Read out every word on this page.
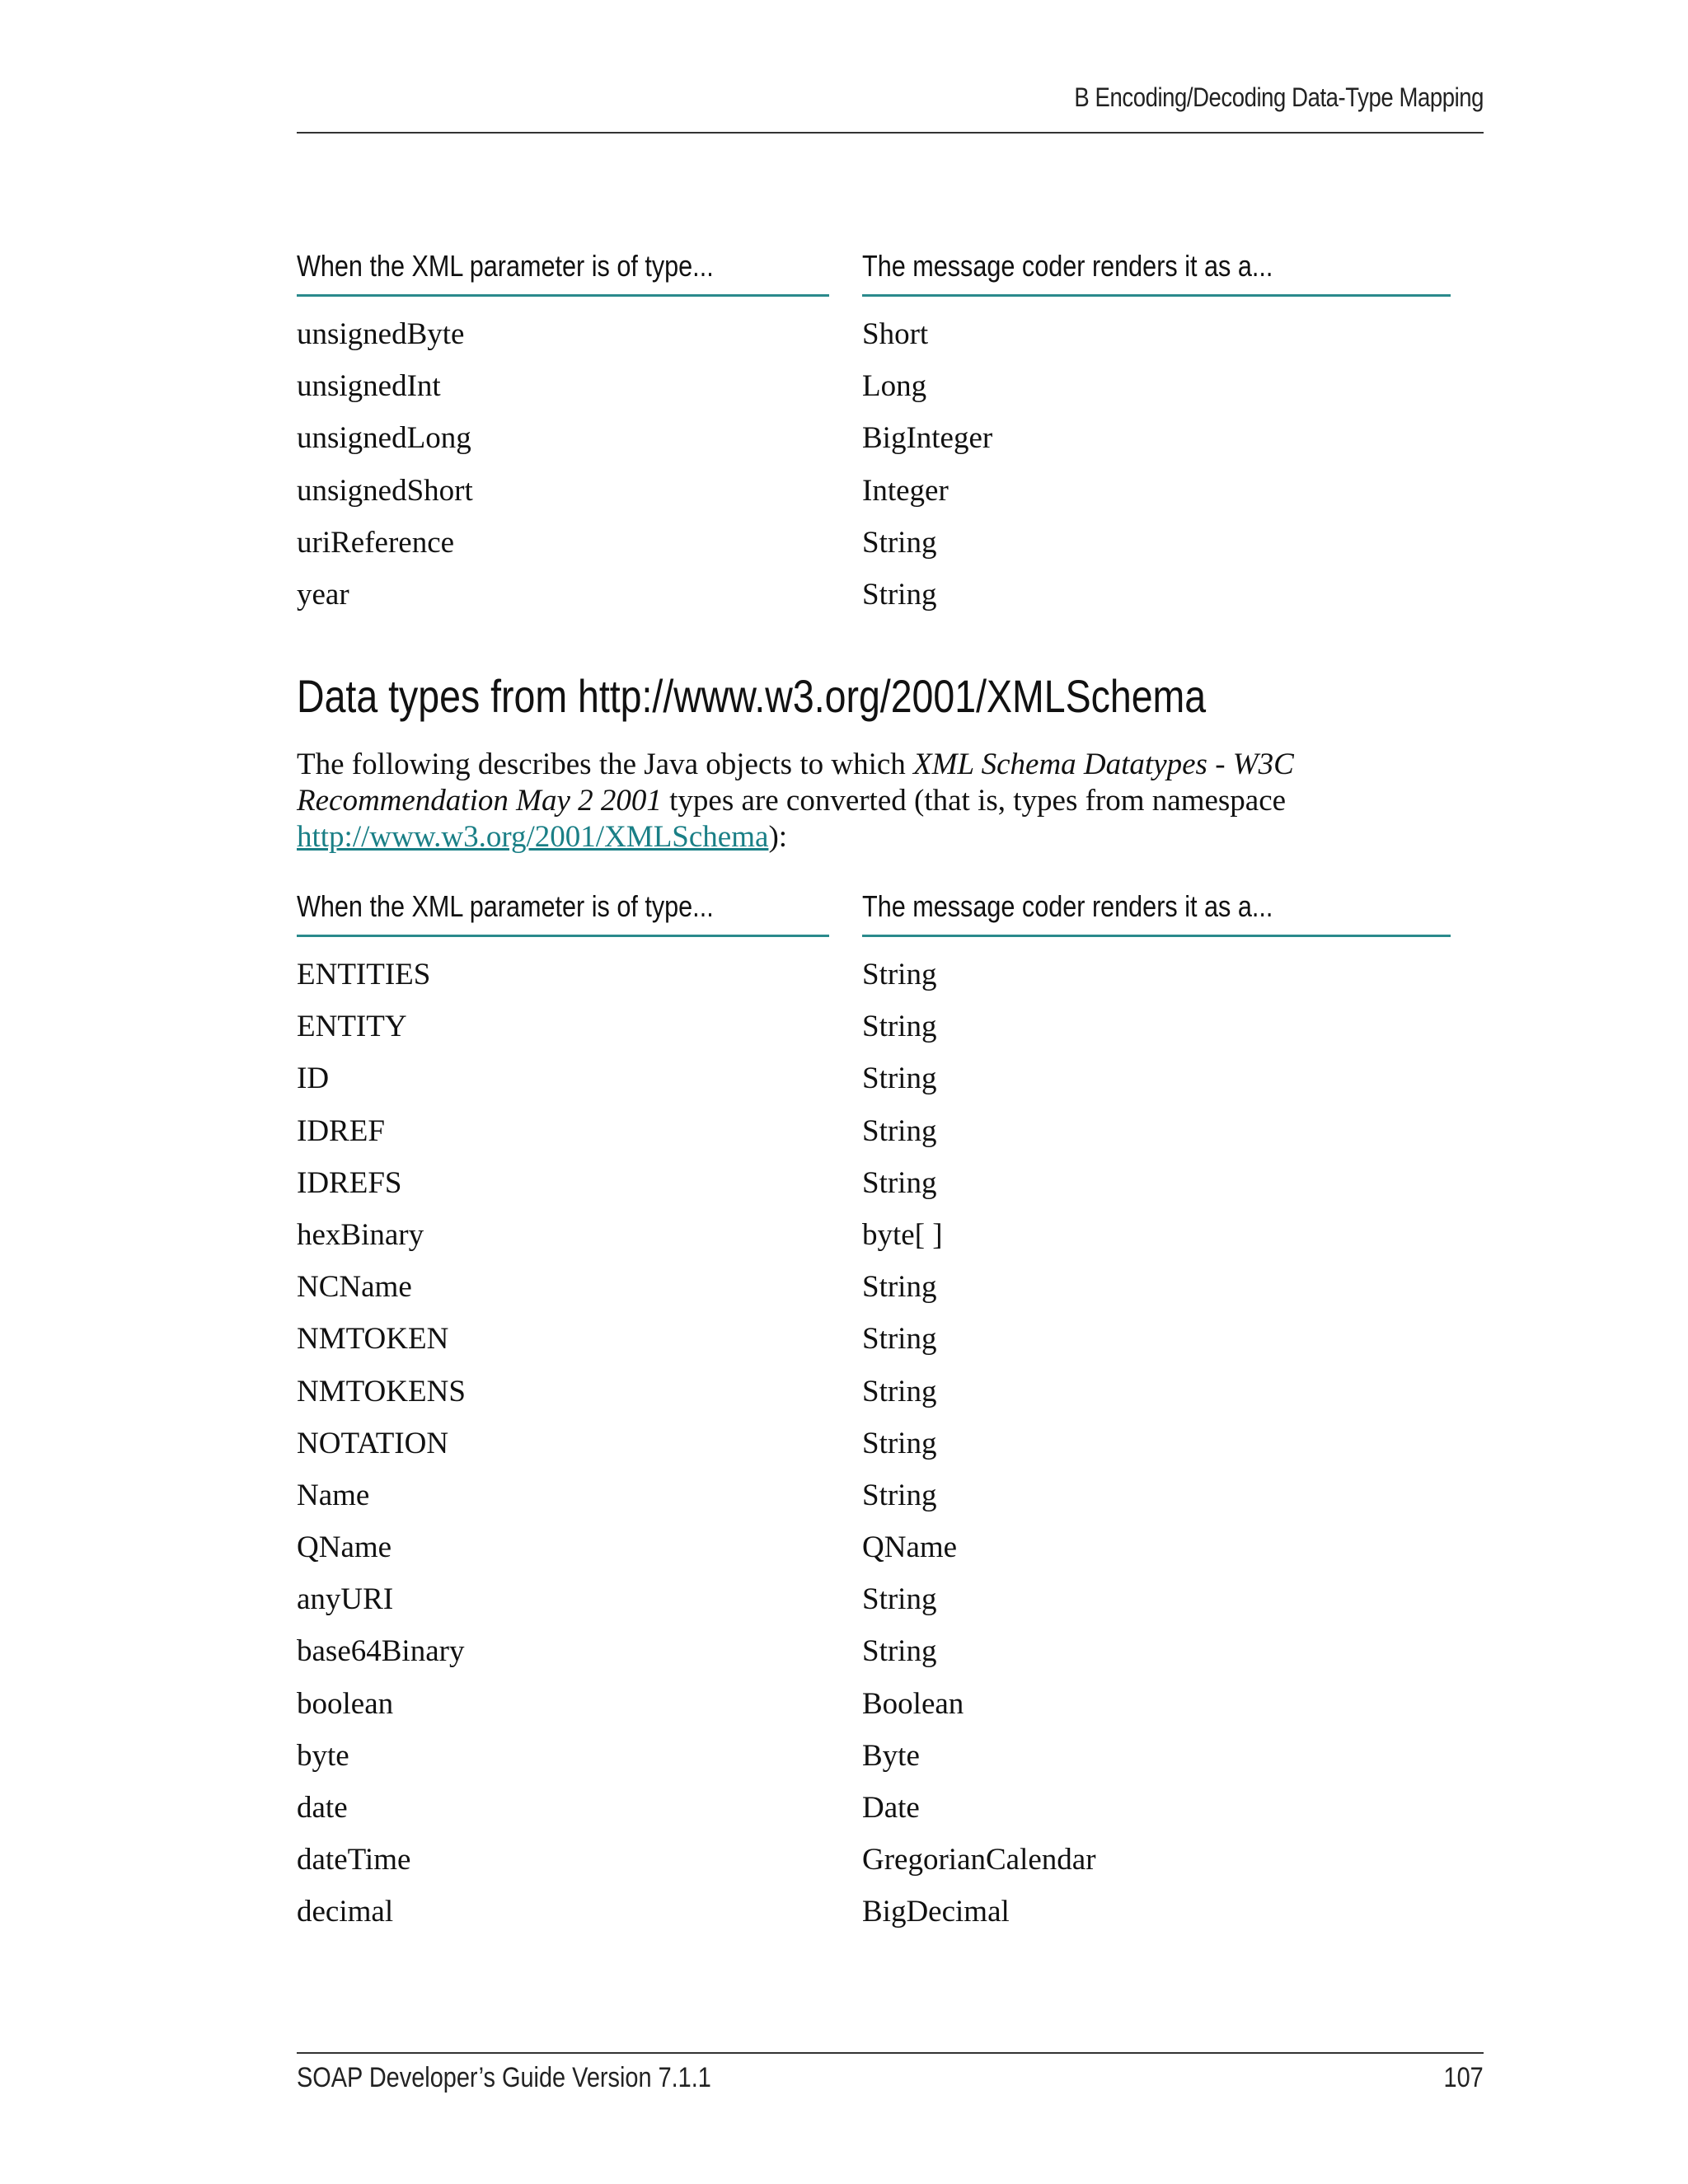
B Encoding/Decoding Data-Type Mapping
When the XML parameter is of type...	The message coder renders it as a...
unsignedByte	Short
unsignedInt	Long
unsignedLong	BigInteger
unsignedShort	Integer
uriReference	String
year	String
Data types from http://www.w3.org/2001/XMLSchema
The following describes the Java objects to which XML Schema Datatypes - W3C Recommendation May 2 2001 types are converted (that is, types from namespace http://www.w3.org/2001/XMLSchema):
When the XML parameter is of type...	The message coder renders it as a...
ENTITIES	String
ENTITY	String
ID	String
IDREF	String
IDREFS	String
hexBinary	byte[ ]
NCName	String
NMTOKEN	String
NMTOKENS	String
NOTATION	String
Name	String
QName	QName
anyURI	String
base64Binary	String
boolean	Boolean
byte	Byte
date	Date
dateTime	GregorianCalendar
decimal	BigDecimal
SOAP Developer’s Guide Version 7.1.1	107
